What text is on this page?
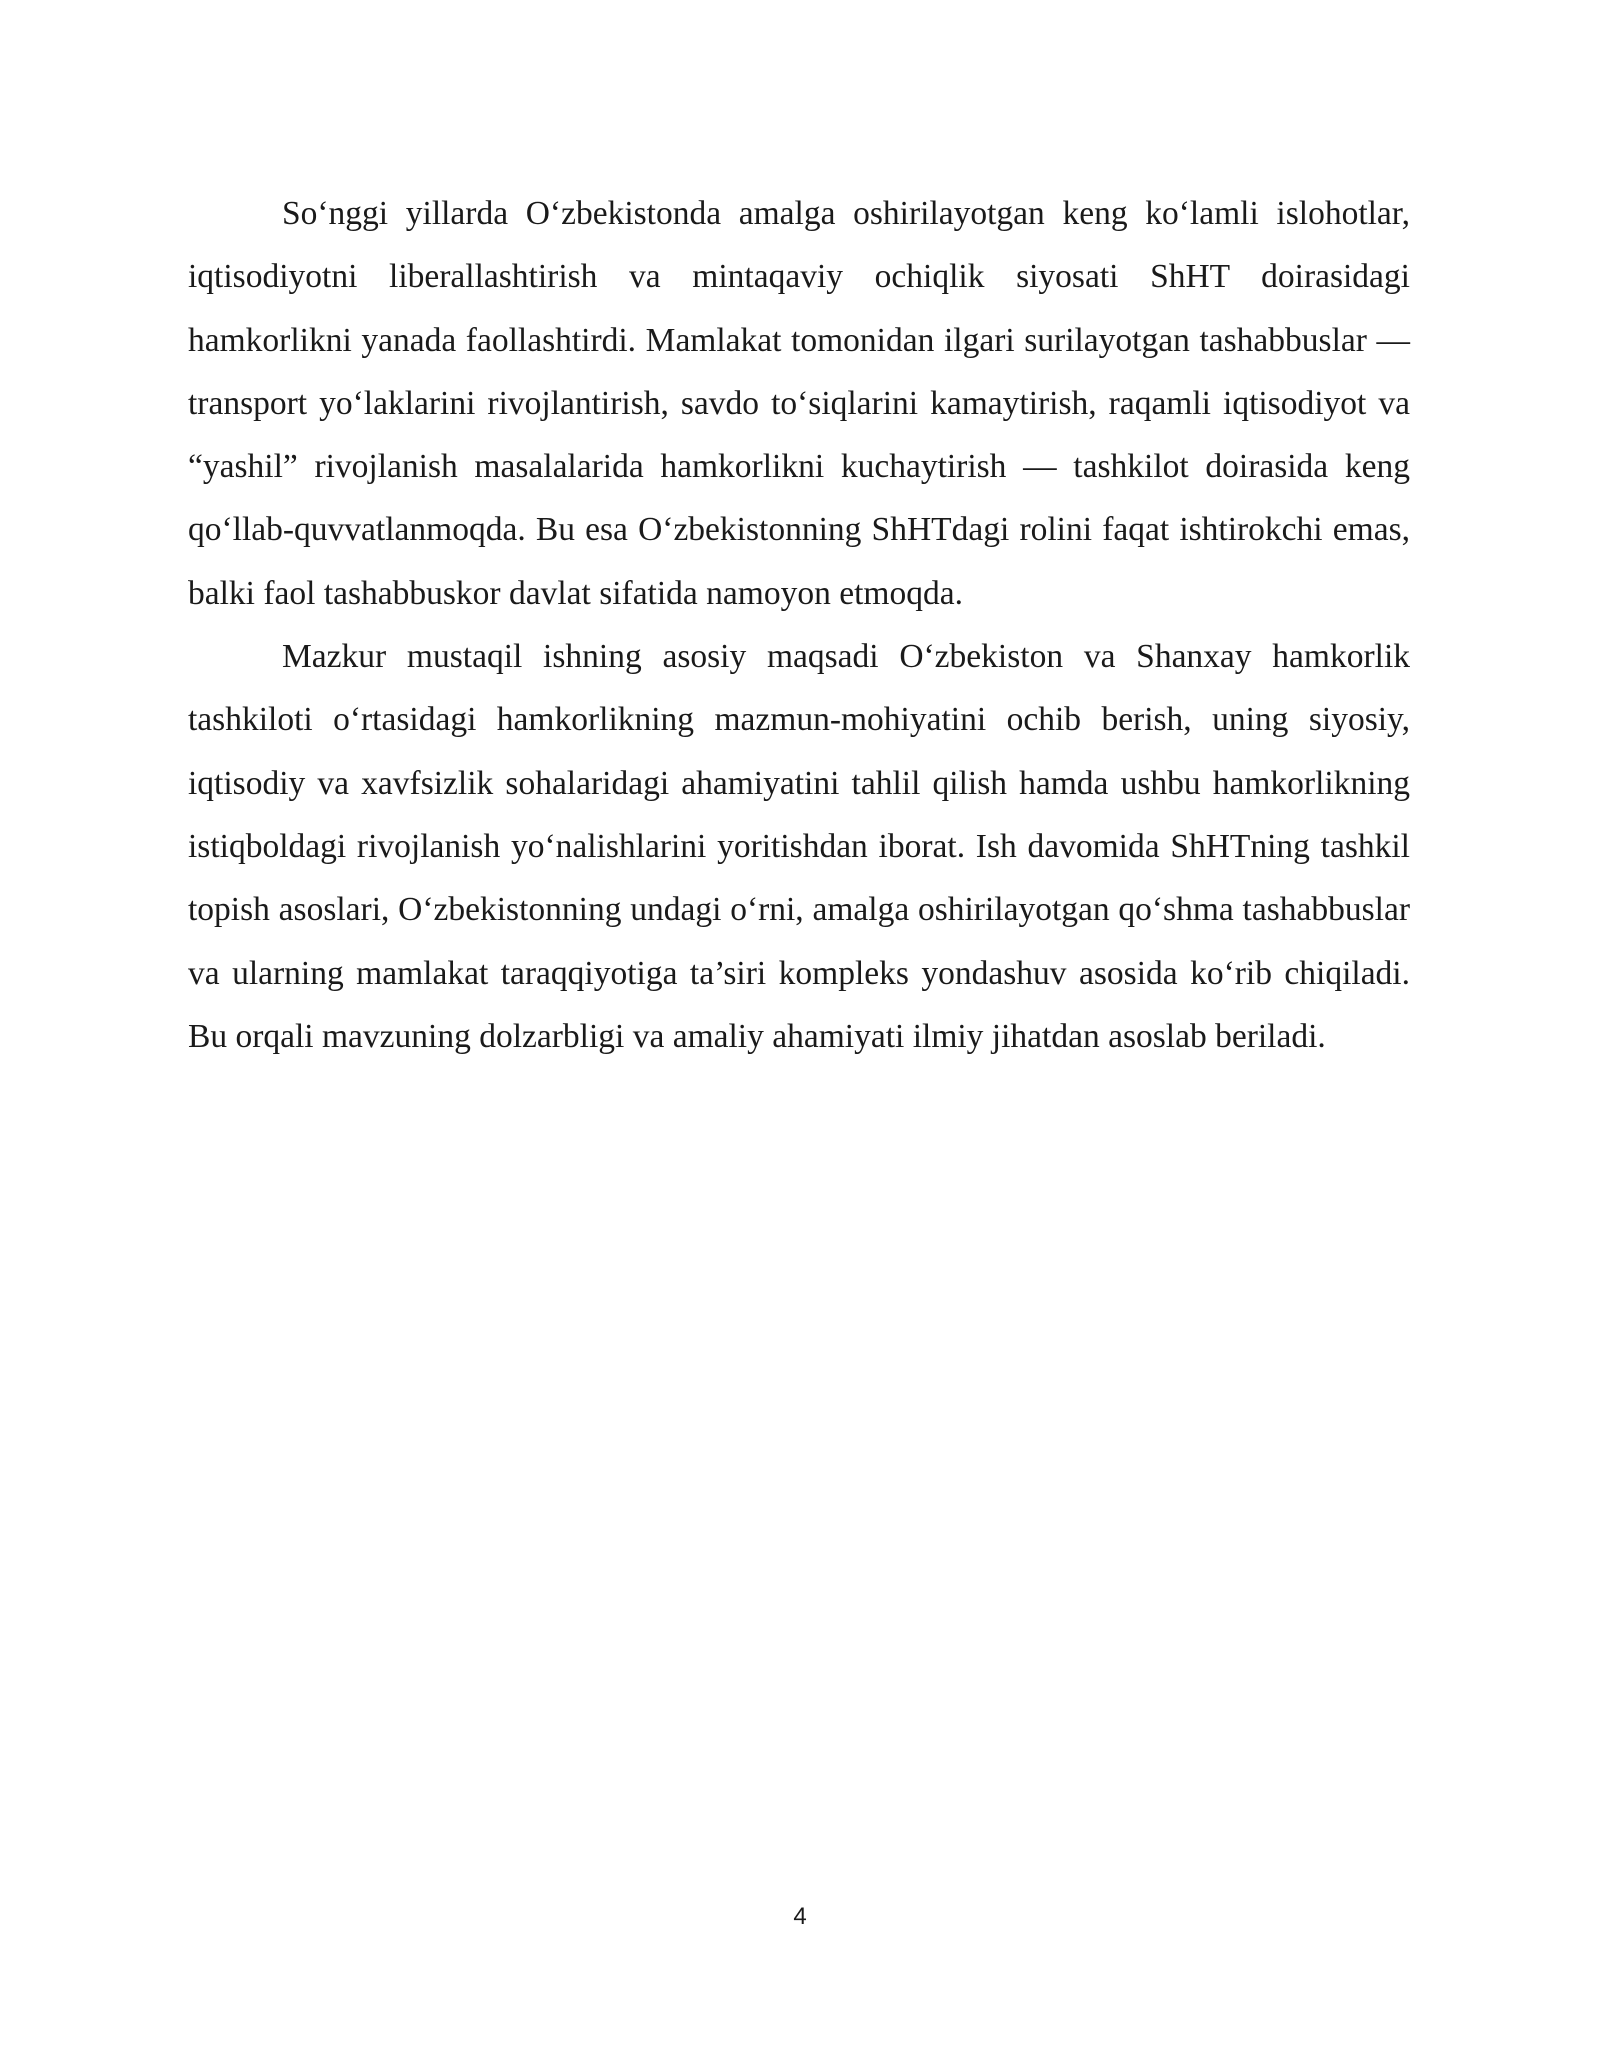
So‘nggi yillarda O‘zbekistonda amalga oshirilayotgan keng ko‘lamli islohotlar, iqtisodiyotni liberallashtirish va mintaqaviy ochiqlik siyosati ShHT doirasidagi hamkorlikni yanada faollashtirdi. Mamlakat tomonidan ilgari surilayotgan tashabbuslar — transport yo‘laklarini rivojlantirish, savdo to‘siqlarini kamaytirish, raqamli iqtisodiyot va “yashil” rivojlanish masalalarida hamkorlikni kuchaytirish — tashkilot doirasida keng qo‘llab-quvvatlanmoqda. Bu esa O‘zbekistonning ShHTdagi rolini faqat ishtirokchi emas, balki faol tashabbuskor davlat sifatida namoyon etmoqda.

Mazkur mustaqil ishning asosiy maqsadi O‘zbekiston va Shanxay hamkorlik tashkiloti o‘rtasidagi hamkorlikning mazmun-mohiyatini ochib berish, uning siyosiy, iqtisodiy va xavfsizlik sohalaridagi ahamiyatini tahlil qilish hamda ushbu hamkorlikning istiqboldagi rivojlanish yo‘nalishlarini yoritishdan iborat. Ish davomida ShHTning tashkil topish asoslari, O‘zbekistonning undagi o‘rni, amalga oshirilayotgan qo‘shma tashabbuslar va ularning mamlakat taraqqiyotiga ta’siri kompleks yondashuv asosida ko‘rib chiqiladi. Bu orqali mavzuning dolzarbligi va amaliy ahamiyati ilmiy jihatdan asoslab beriladi.

4
